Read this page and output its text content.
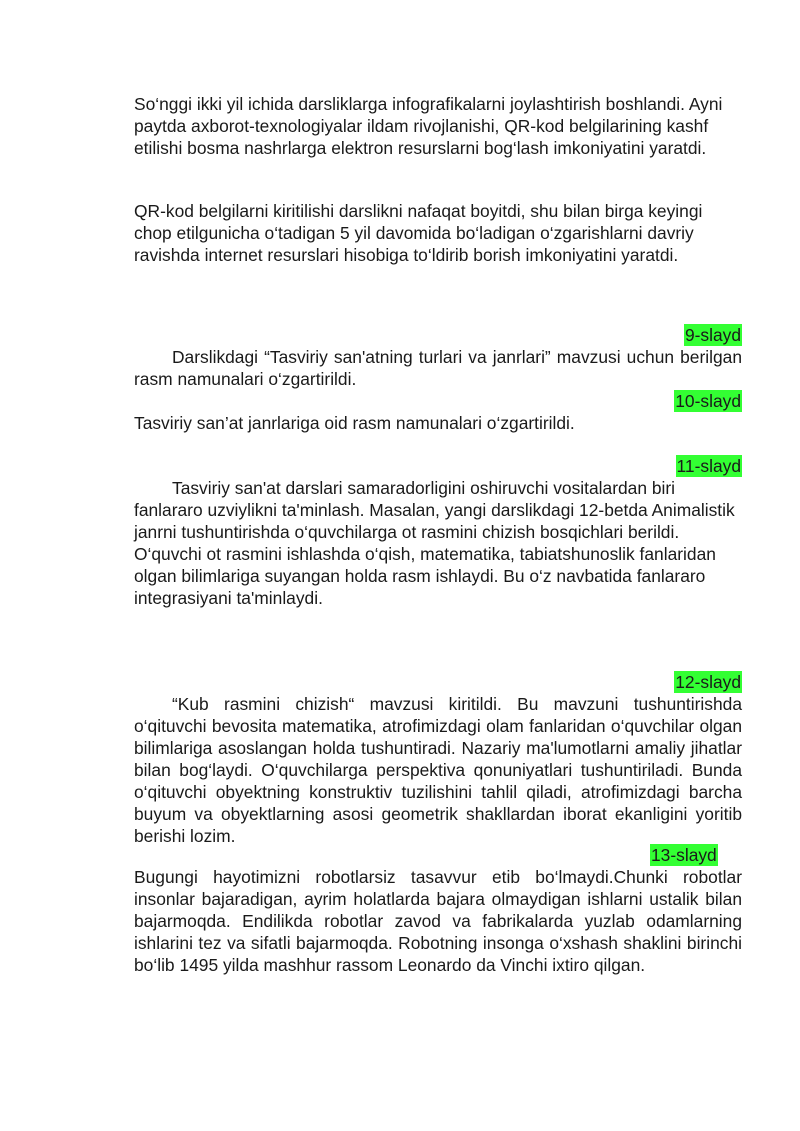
So‘nggi ikki yil ichida darsliklarga infografikalarni joylashtirish boshlandi. Ayni paytda axborot-texnologiyalar ildam rivojlanishi, QR-kod belgilarining kashf etilishi bosma nashrlarga elektron resurslarni bog‘lash imkoniyatini yaratdi.

QR-kod belgilarni kiritilishi darslikni nafaqat boyitdi, shu bilan birga keyingi chop etilgunicha o‘tadigan 5 yil davomida bo‘ladigan o‘zgarishlarni davriy ravishda internet resurslari hisobiga to‘ldirib borish imkoniyatini yaratdi.

9-slayd

Darslikdagi “Tasviriy san'atning turlari va janrlari” mavzusi uchun berilgan rasm namunalari o‘zgartirildi.

10-slayd

Tasviriy san’at janrlariga oid rasm namunalari o‘zgartirildi.

11-slayd

Tasviriy san'at darslari samaradorligini oshiruvchi vositalardan biri fanlararo uzviylikni ta'minlash. Masalan, yangi darslikdagi 12-betda Animalistik janrni tushuntirishda o‘quvchilarga ot rasmini chizish bosqichlari berildi. O‘quvchi ot rasmini ishlashda o‘qish, matematika, tabiatshunoslik fanlaridan olgan bilimlariga suyangan holda rasm ishlaydi. Bu o‘z navbatida fanlararo integrasiyani ta'minlaydi.

12-slayd

“Kub rasmini chizish“ mavzusi kiritildi. Bu mavzuni tushuntirishda o‘qituvchi bevosita matematika, atrofimizdagi olam fanlaridan o‘quvchilar olgan bilimlariga asoslangan holda tushuntiradi. Nazariy ma'lumotlarni amaliy jihatlar bilan bog‘laydi. O‘quvchilarga perspektiva qonuniyatlari tushuntiriladi. Bunda o‘qituvchi obyektning konstruktiv tuzilishini tahlil qiladi, atrofimizdagi barcha buyum va obyektlarning asosi geometrik shakllardan iborat ekanligini yoritib berishi lozim.

13-slayd

Bugungi hayotimizni robotlarsiz tasavvur etib bo‘lmaydi.Chunki robotlar insonlar bajaradigan, ayrim holatlarda bajara olmaydigan ishlarni ustalik bilan bajarmoqda. Endilikda robotlar zavod va fabrikalarda yuzlab odamlarning ishlarini tez va sifatli bajarmoqda. Robotning insonga o‘xshash shaklini birinchi bo‘lib 1495 yilda mashhur rassom Leonardo da Vinchi ixtiro qilgan.
